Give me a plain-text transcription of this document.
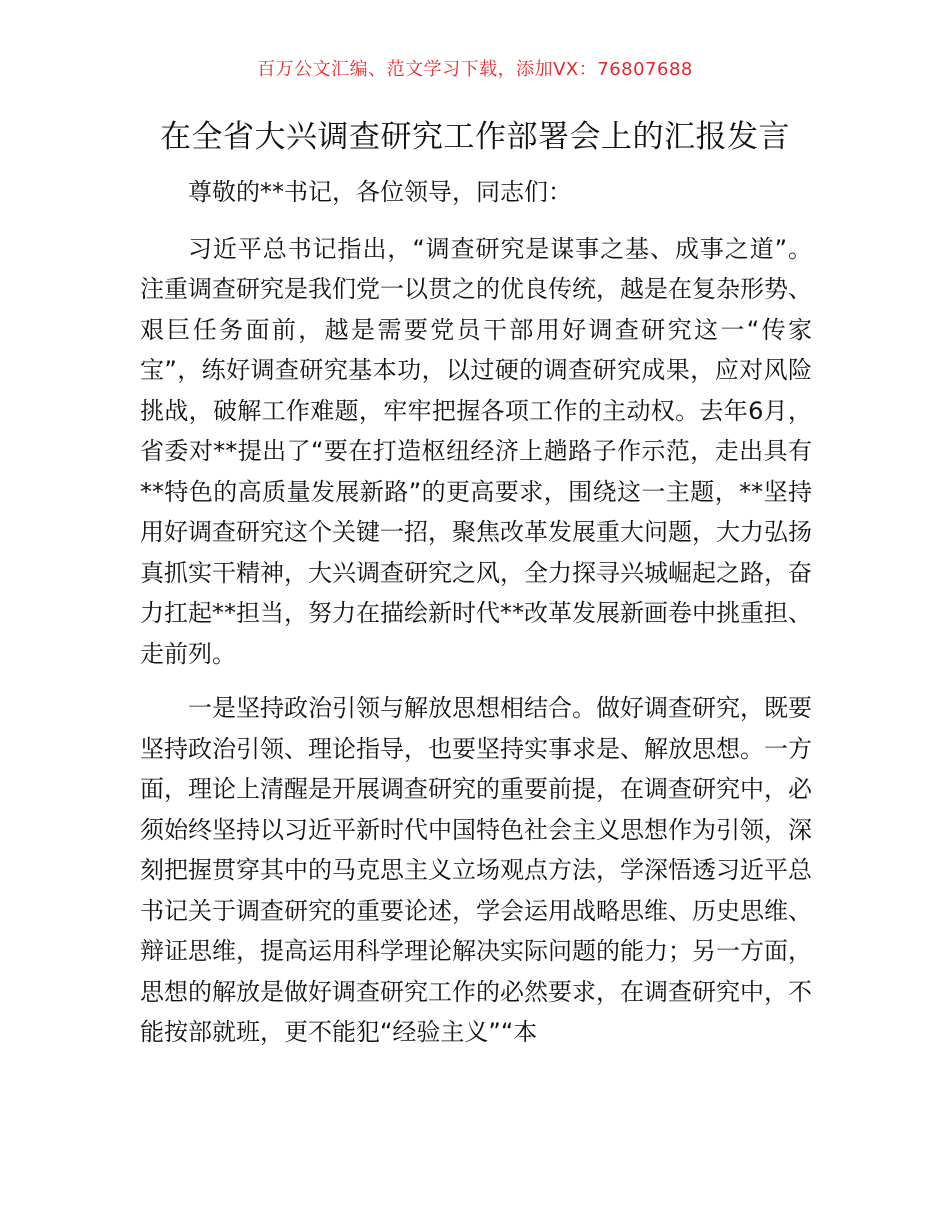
百万公文汇编、范文学习下载，添加VX：76807688
在全省大兴调查研究工作部署会上的汇报发言

尊敬的**书记，各位领导，同志们：

习近平总书记指出，“调查研究是谋事之基、成事之道”。注重调查研究是我们党一以贯之的优良传统，越是在复杂形势、艰巨任务面前，越是需要党员干部用好调查研究这一“传家宝”，练好调查研究基本功，以过硬的调查研究成果，应对风险挑战，破解工作难题，牢牢把握各项工作的主动权。去年6月，省委对**提出了“要在打造枢纽经济上趟路子作示范，走出具有**特色的高质量发展新路”的更高要求，围绕这一主题，**坚持用好调查研究这个关键一招，聚焦改革发展重大问题，大力弘扬真抓实干精神，大兴调查研究之风，全力探寻兴城崛起之路，奋力扛起**担当，努力在描绘新时代**改革发展新画卷中挑重担、走前列。

一是坚持政治引领与解放思想相结合。做好调查研究，既要坚持政治引领、理论指导，也要坚持实事求是、解放思想。一方面，理论上清醒是开展调查研究的重要前提，在调查研究中，必须始终坚持以习近平新时代中国特色社会主义思想作为引领，深刻把握贯穿其中的马克思主义立场观点方法，学深悟透习近平总书记关于调查研究的重要论述，学会运用战略思维、历史思维、辩证思维，提高运用科学理论解决实际问题的能力；另一方面，思想的解放是做好调查研究工作的必然要求，在调查研究中，不能按部就班，更不能犯“经验主义”“本
